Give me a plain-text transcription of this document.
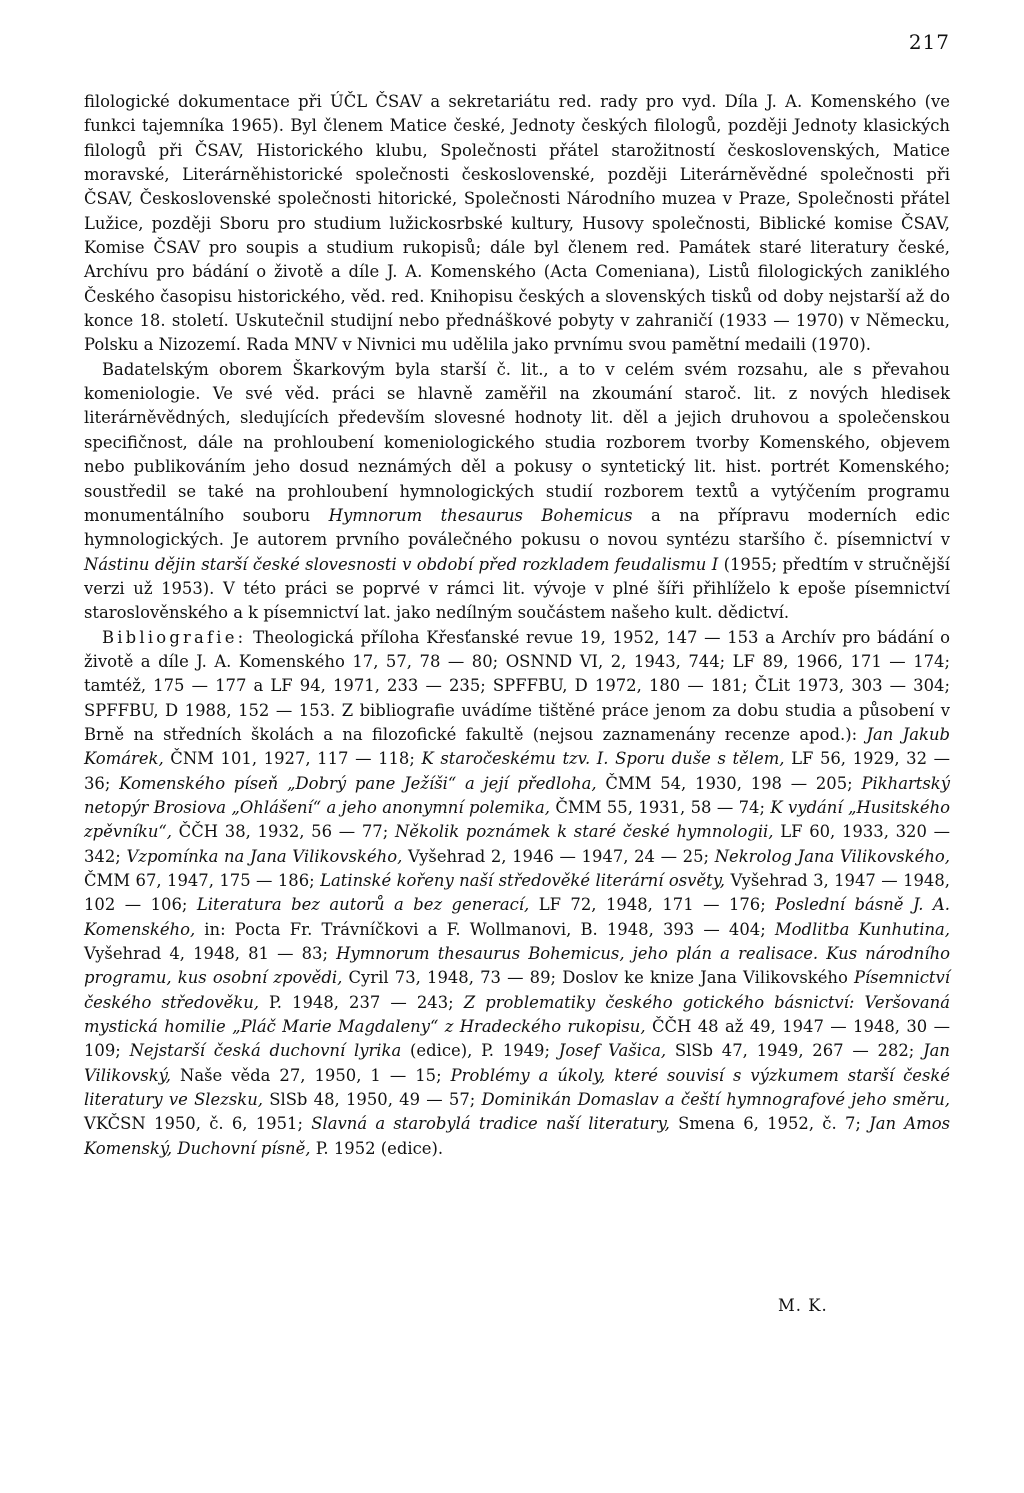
217

filologické dokumentace při ÚČL ČSAV a sekretariátu red. rady pro vyd. Díla J. A. Komenského (ve funkci tajemníka 1965). Byl členem Matice české, Jednoty českých filologů, později Jednoty klasických filologů při ČSAV, Historického klubu, Společnosti přátel starožitností československých, Matice moravské, Literárněhistorické společnosti československé, později Literárněvědné společnosti při ČSAV, Československé společnosti hitorické, Společnosti Národního muzea v Praze, Společnosti přátel Lužice, později Sboru pro studium lužickosrbské kultury, Husovy společnosti, Biblické komise ČSAV, Komise ČSAV pro soupis a studium rukopisů; dále byl členem red. Památek staré literatury české, Archívu pro bádání o životě a díle J. A. Komenského (Acta Comeniana), Listů filologických zaniklého Českého časopisu historického, věd. red. Knihopisu českých a slovenských tisků od doby nejstarší až do konce 18. století. Uskutečnil studijní nebo přednáškové pobyty v zahraničí (1933 — 1970) v Německu, Polsku a Nizozemí. Rada MNV v Nivnici mu udělila jako prvnímu svou pamětní medaili (1970).

Badatelským oborem Škarkovým byla starší č. lit., a to v celém svém rozsahu, ale s převahou komeniologie. Ve své věd. práci se hlavně zaměřil na zkoumání staroč. lit. z nových hledisek literárněvědných, sledujících především slovesné hodnoty lit. děl a jejich druhovou a společenskou specifičnost, dále na prohloubení komeniologického studia rozborem tvorby Komenského, objevem nebo publikováním jeho dosud neznámých děl a pokusy o syntetický lit. hist. portrét Komenského; soustředil se také na prohloubení hymnologických studií rozborem textů a vytýčením programu monumentálního souboru Hymnorum thesaurus Bohemicus a na přípravu moderních edic hymnologických. Je autorem prvního poválečného pokusu o novou syntézu staršího č. písemnictví v Nástinu dějin starší české slovesnosti v období před rozkladem feudalismu I (1955; předtím v stručnější verzi už 1953). V této práci se poprvé v rámci lit. vývoje v plné šíři přihlíželo k epoše písemnictví staroslověnského a k písemnictví lat. jako nedílným součástem našeho kult. dědictví.

Bibliografie: Theologická příloha Křesťanské revue 19, 1952, 147 — 153 a Archív pro bádání o životě a díle J. A. Komenského 17, 57, 78 — 80; OSNND VI, 2, 1943, 744; LF 89, 1966, 171 — 174; tamtéž, 175 — 177 a LF 94, 1971, 233 — 235; SPFFBU, D 1972, 180 — 181; ČLit 1973, 303 — 304; SPFFBU, D 1988, 152 — 153. Z bibliografie uvádíme tištěné práce jenom za dobu studia a působení v Brně na středních školách a na filozofické fakultě (nejsou zaznamenány recenze apod.): Jan Jakub Komárek, ČNM 101, 1927, 117 — 118; K staročeskému tzv. I. Sporu duše s tělem, LF 56, 1929, 32 — 36; Komenského píseň „Dobrý pane Ježíši“ a její předloha, ČMM 54, 1930, 198 — 205; Pikhartský netopýr Brosiova „Ohlášení“ a jeho anonymní polemika, ČMM 55, 1931, 58 — 74; K vydání „Husitského zpěvníku“, ČČH 38, 1932, 56 — 77; Několik poznámek k staré české hymnologii, LF 60, 1933, 320 — 342; Vzpomínka na Jana Vilikovského, Vyšehrad 2, 1946 — 1947, 24 — 25; Nekrolog Jana Vilikovského, ČMM 67, 1947, 175 — 186; Latinské kořeny naší středověké literární osvěty, Vyšehrad 3, 1947 — 1948, 102 — 106; Literatura bez autorů a bez generací, LF 72, 1948, 171 — 176; Poslední básně J. A. Komenského, in: Pocta Fr. Trávníčkovi a F. Wollmanovi, B. 1948, 393 — 404; Modlitba Kunhutina, Vyšehrad 4, 1948, 81 — 83; Hymnorum thesaurus Bohemicus, jeho plán a realisace. Kus národního programu, kus osobní zpovědi, Cyril 73, 1948, 73 — 89; Doslov ke knize Jana Vilikovského Písemnictví českého středověku, P. 1948, 237 — 243; Z problematiky českého gotického básnictví: Veršovaná mystická homilie „Pláč Marie Magdaleny“ z Hradeckého rukopisu, ČČH 48 až 49, 1947 — 1948, 30 — 109; Nejstarší česká duchovní lyrika (edice), P. 1949; Josef Vašica, SlSb 47, 1949, 267 — 282; Jan Vilikovský, Naše věda 27, 1950, 1 — 15; Problémy a úkoly, které souvisí s výzkumem starší české literatury ve Slezsku, SlSb 48, 1950, 49 — 57; Dominikán Domaslav a čeští hymnografové jeho směru, VKČSN 1950, č. 6, 1951; Slavná a starobylá tradice naší literatury, Smena 6, 1952, č. 7; Jan Amos Komenský, Duchovní písně, P. 1952 (edice).

M. K.
